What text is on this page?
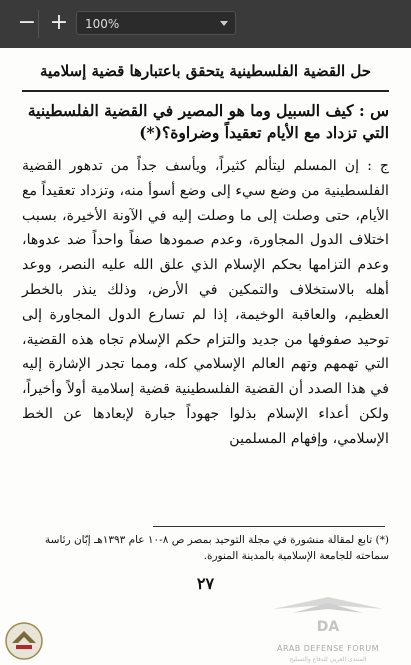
− +	100%
حل القضية الفلسطينية يتحقق باعتبارها قضية إسلامية
س : كيف السبيل وما هو المصير في القضية الفلسطينية التي تزداد مع الأيام تعقيداً وضراوة؟(*)
ج : إن المسلم ليتألم كثيراً، ويأسف جداً من تدهور القضية الفلسطينية من وضع سيء إلى وضع أسوأ منه، وتزداد تعقيداً مع الأيام، حتى وصلت إلى ما وصلت إليه في الآونة الأخيرة، بسبب اختلاف الدول المجاورة، وعدم صمودها صفاً واحداً ضد عدوها، وعدم التزامها بحكم الإسلام الذي علق الله عليه النصر، ووعد أهله بالاستخلاف والتمكين في الأرض، وذلك ينذر بالخطر العظيم، والعاقبة الوخيمة، إذا لم تسارع الدول المجاورة إلى توحيد صفوفها من جديد والتزام حكم الإسلام تجاه هذه القضية، التي تهمهم وتهم العالم الإسلامي كله، ومما تجدر الإشارة إليه في هذا الصدد أن القضية الفلسطينية قضية إسلامية أولاً وأخيراً، ولكن أعداء الإسلام بذلوا جهوداً جبارة لإبعادها عن الخط الإسلامي، وإفهام المسلمين
(*) تابع لمقالة منشورة في مجلة التوحيد بمصر ص ٨-١٠ عام ١٣٩٣هـ إبّان رئاسة سماحته للجامعة الإسلامية بالمدينة المنورة.
٢٧
DA
ARAB DEFENSE FORUM
المنتدى العربي للدفاع والتسليح
